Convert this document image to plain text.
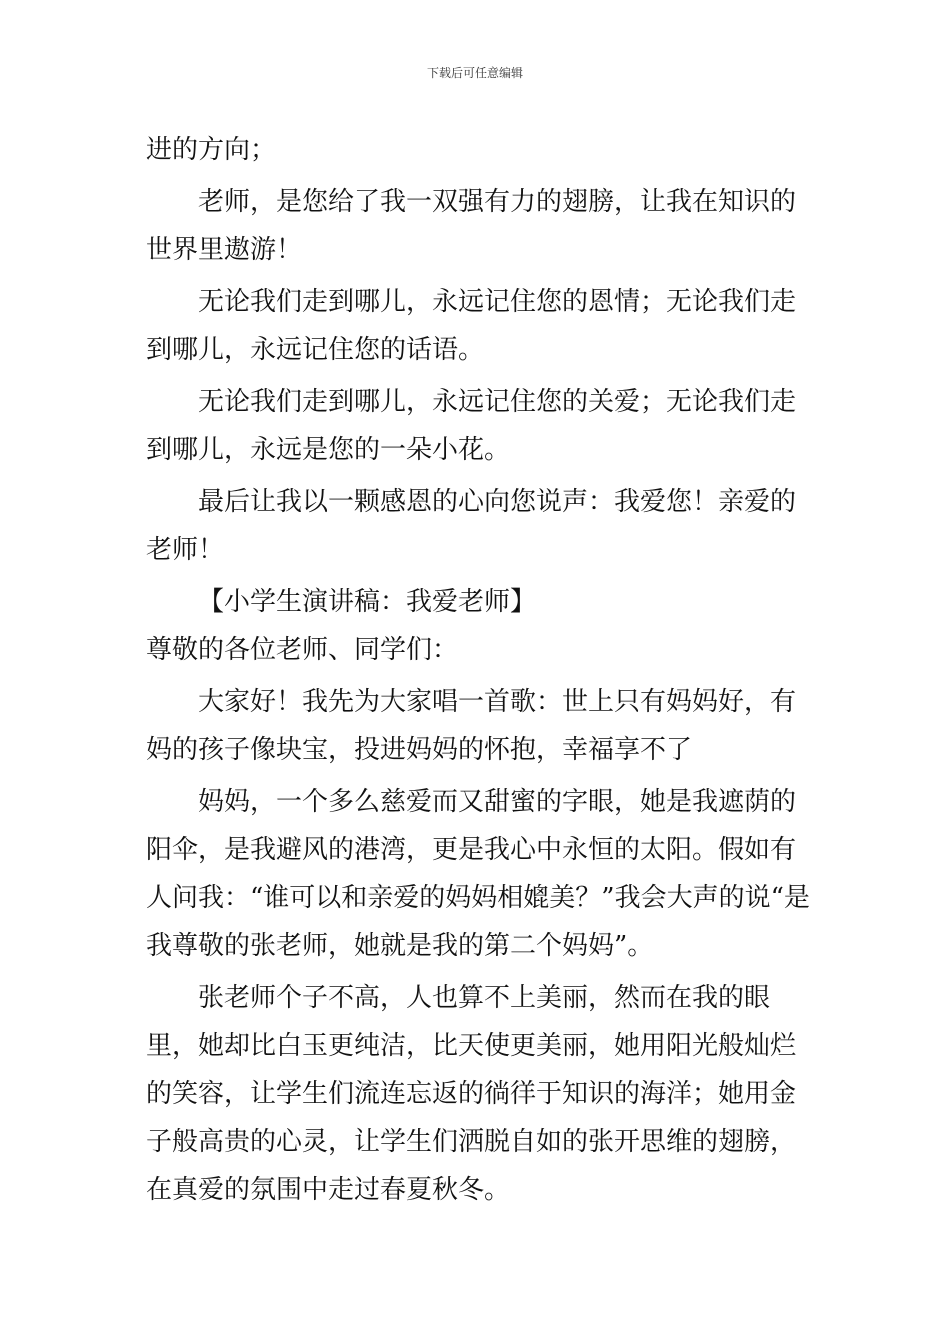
下载后可任意编辑

进的方向；

老师，是您给了我一双强有力的翅膀，让我在知识的世界里遨游！

无论我们走到哪儿，永远记住您的恩情；无论我们走到哪儿，永远记住您的话语。

无论我们走到哪儿，永远记住您的关爱；无论我们走到哪儿，永远是您的一朵小花。

最后让我以一颗感恩的心向您说声：我爱您！亲爱的老师！

【小学生演讲稿：我爱老师】

尊敬的各位老师、同学们：

大家好！我先为大家唱一首歌：世上只有妈妈好，有妈的孩子像块宝，投进妈妈的怀抱，幸福享不了

妈妈，一个多么慈爱而又甜蜜的字眼，她是我遮荫的阳伞，是我避风的港湾，更是我心中永恒的太阳。假如有人问我：“谁可以和亲爱的妈妈相媲美？”我会大声的说“是我尊敬的张老师，她就是我的第二个妈妈”。

张老师个子不高，人也算不上美丽，然而在我的眼里，她却比白玉更纯洁，比天使更美丽，她用阳光般灿烂的笑容，让学生们流连忘返的徜徉于知识的海洋；她用金子般高贵的心灵，让学生们洒脱自如的张开思维的翅膀，在真爱的氛围中走过春夏秋冬。
